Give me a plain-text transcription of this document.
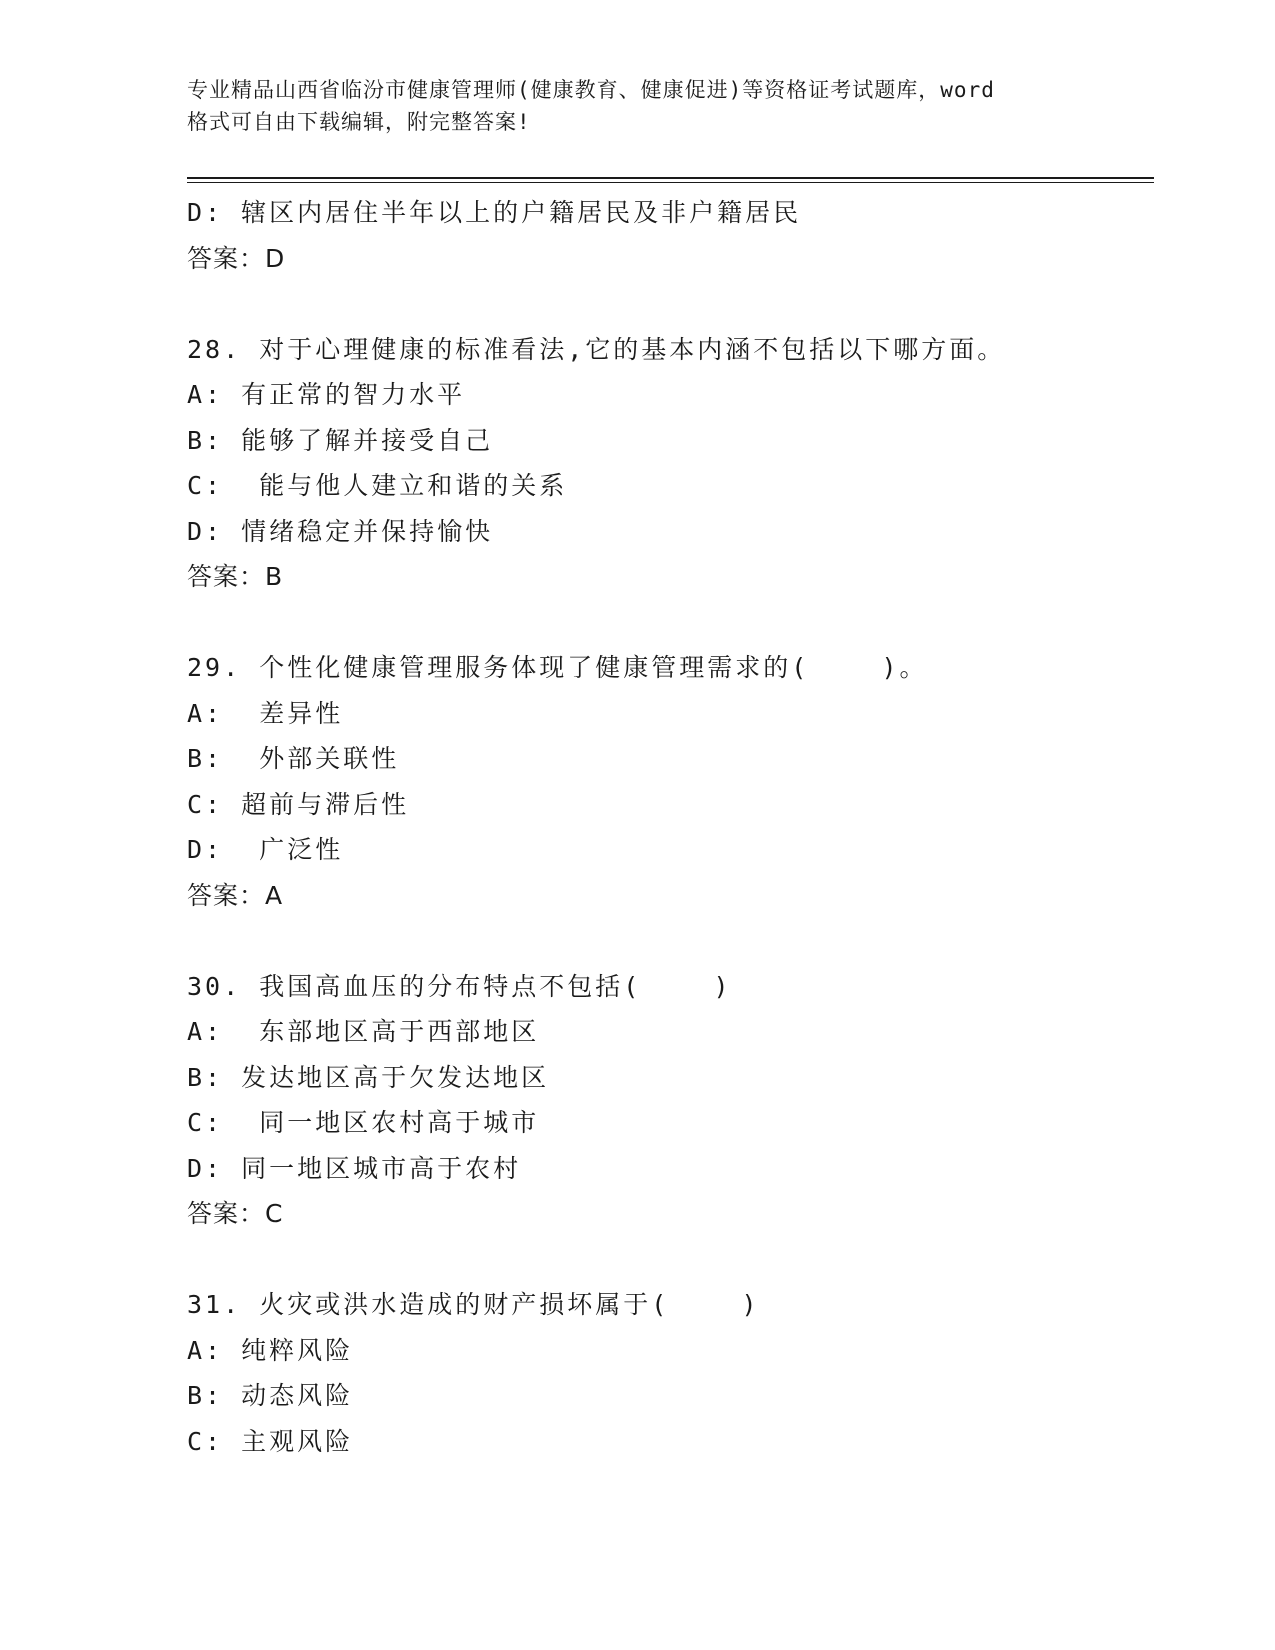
专业精品山西省临汾市健康管理师(健康教育、健康促进)等资格证考试题库，word
格式可自由下载编辑，附完整答案!
D: 辖区内居住半年以上的户籍居民及非户籍居民
答案：D
28. 对于心理健康的标准看法,它的基本内涵不包括以下哪方面。
A: 有正常的智力水平
B: 能够了解并接受自己
C:  能与他人建立和谐的关系
D: 情绪稳定并保持愉快
答案：B
29. 个性化健康管理服务体现了健康管理需求的(    )。
A:  差异性
B:  外部关联性
C: 超前与滞后性
D:  广泛性
答案：A
30. 我国高血压的分布特点不包括(    )
A:  东部地区高于西部地区
B: 发达地区高于欠发达地区
C:  同一地区农村高于城市
D: 同一地区城市高于农村
答案：C
31. 火灾或洪水造成的财产损坏属于(    )
A: 纯粹风险
B: 动态风险
C: 主观风险
